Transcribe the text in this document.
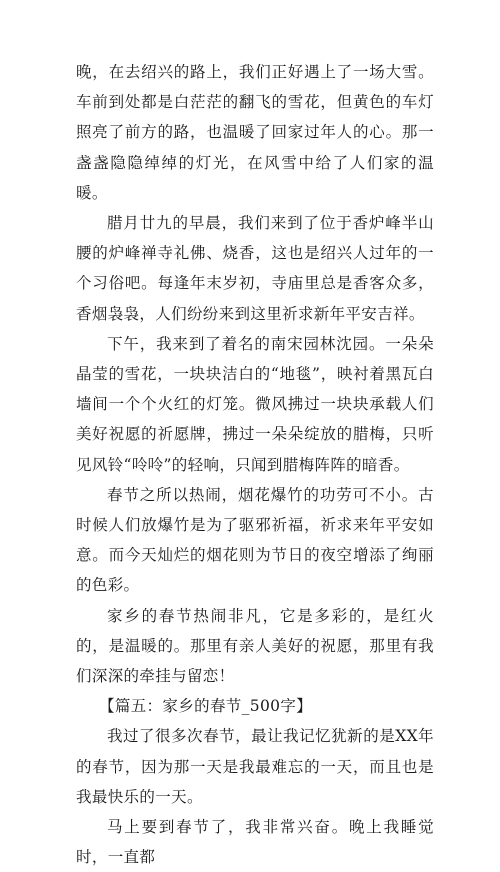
晚，在去绍兴的路上，我们正好遇上了一场大雪。车前到处都是白茫茫的翻飞的雪花，但黄色的车灯照亮了前方的路，也温暖了回家过年人的心。那一盏盏隐隐绰绰的灯光，在风雪中给了人们家的温暖。

腊月廿九的早晨，我们来到了位于香炉峰半山腰的炉峰禅寺礼佛、烧香，这也是绍兴人过年的一个习俗吧。每逢年末岁初，寺庙里总是香客众多，香烟袅袅，人们纷纷来到这里祈求新年平安吉祥。

下午，我来到了着名的南宋园林沈园。一朵朵晶莹的雪花，一块块洁白的“地毯”，映衬着黑瓦白墙间一个个火红的灯笼。微风拂过一块块承载人们美好祝愿的祈愿牌，拂过一朵朵绽放的腊梅，只听见风铃“呤呤”的轻响，只闻到腊梅阵阵的暗香。

春节之所以热闹，烟花爆竹的功劳可不小。古时候人们放爆竹是为了驱邪祈福，祈求来年平安如意。而今天灿烂的烟花则为节日的夜空增添了绚丽的色彩。

家乡的春节热闹非凡，它是多彩的，是红火的，是温暖的。那里有亲人美好的祝愿，那里有我们深深的牵挂与留恋！

【篇五：家乡的春节_500字】

我过了很多次春节，最让我记忆犹新的是XX年的春节，因为那一天是我最难忘的一天，而且也是我最快乐的一天。

马上要到春节了，我非常兴奋。晚上我睡觉时，一直都
